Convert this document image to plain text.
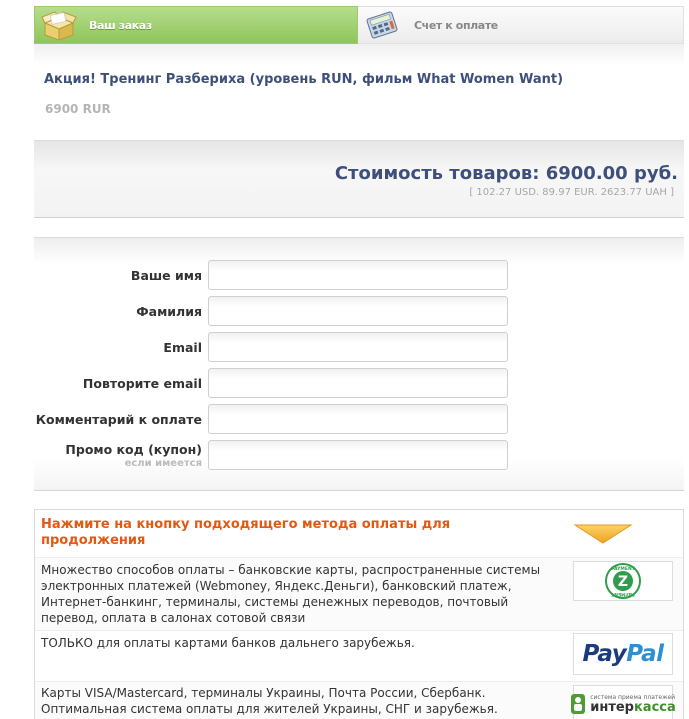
Ваш заказ	Счет к оплате
Акция! Тренинг Разбериха (уровень RUN, фильм What Women Want)
6900 RUR
Стоимость товаров: 6900.00 руб.
[ 102.27 USD. 89.97 EUR. 2623.77 UAH ]
Ваше имя
Фамилия
Email
Повторите email
Комментарий к оплате
Промо код (купон)
если имеется
Нажмите на кнопку подходящего метода оплаты для продолжения
Множество способов оплаты – банковские карты, распространенные системы электронных платежей (Webmoney, Яндекс.Деньги), банковский платеж, Интернет-банкинг, терминалы, системы денежных переводов, почтовый перевод, оплата в салонах сотовой связи
Z
PAYMENT
PAYMENT
ТОЛЬКО для оплаты картами банков дальнего зарубежья.	PayPal
Карты VISA/Mastercard, терминалы Украины, Почта России, Сбербанк. Оптимальная система оплаты для жителей Украины, СНГ и зарубежья.
система приема платежей
интеркасса
